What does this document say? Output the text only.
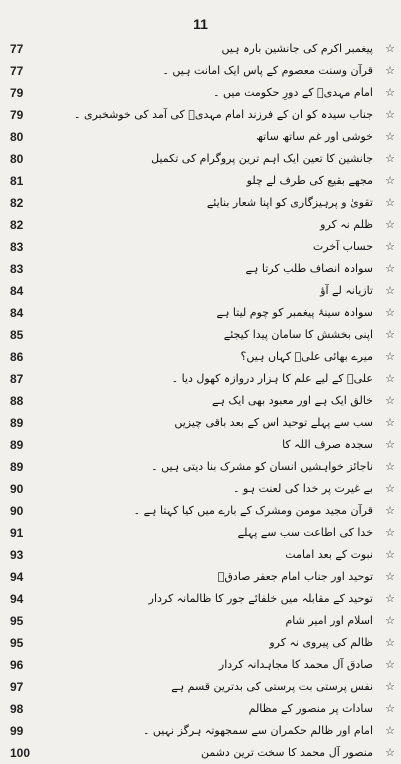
11
77	پیغمبر اکرم کی جانشین بارہ ہیں ☆
77	قرآن وسنت معصوم کے پاس ایک امانت ہیں ۔ ☆
79	امام مہدیؑ کے دورِ حکومت میں ۔ ☆
79	جناب سیدہ کو ان کے فرزند امام مہدیؑ کی آمد کی خوشخبری ۔ ☆
80	خوشی اور غم ساتھ ساتھ ☆
80	جانشین کا تعین ایک اہم ترین پروگرام کی تکمیل ☆
81	مجھے بقیع کی طرف لے چلو ☆
82	تقویٰ و پرہیزگاری کو اپنا شعار بنایئے ☆
82	ظلم نہ کرو ☆
83	حساب آخرت ☆
83	سوادہ انصاف طلب کرتا ہے ☆
84	تازیانہ لے آؤ ☆
84	سوادہ سینۂ پیغمبر کو چوم لیتا ہے ☆
85	اپنی بخشش کا سامان پیدا کیجئے ☆
86	میرے بھائی علیؑ کہاں ہیں؟ ☆
87	علیؑ کے لیے علم کا ہزار دروازہ کھول دیا ۔ ☆
88	خالق ایک ہے اور معبود بھی ایک ہے ☆
89	سب سے پہلے توحید اس کے بعد باقی چیزیں ☆
89	سجدہ صرف اللہ کا ☆
89	ناجائز خواہشیں انسان کو مشرک بنا دیتی ہیں ۔ ☆
90	بے غیرت پر خدا کی لعنت ہو ۔ ☆
90	قرآن مجید مومن ومشرک کے بارے میں کیا کہتا ہے ۔ ☆
91	خدا کی اطاعت سب سے پہلے ☆
93	نبوت کے بعد امامت ☆
94	توحید اور جناب امام جعفر صادقؑ ☆
94	توحید کے مقابلہ میں خلفائے جور کا ظالمانہ کردار ☆
95	اسلام اور امیر شام ☆
95	ظالم کی پیروی نہ کرو ☆
96	صادق آل محمد کا مجاہدانہ کردار ☆
97	نفس پرستی بت پرستی کی بدترین قسم ہے ☆
98	سادات پر منصور کے مظالم ☆
99	امام اور ظالم حکمران سے سمجھوتہ ہرگز نہیں ۔ ☆
100	منصور آل محمد کا سخت ترین دشمن ☆
